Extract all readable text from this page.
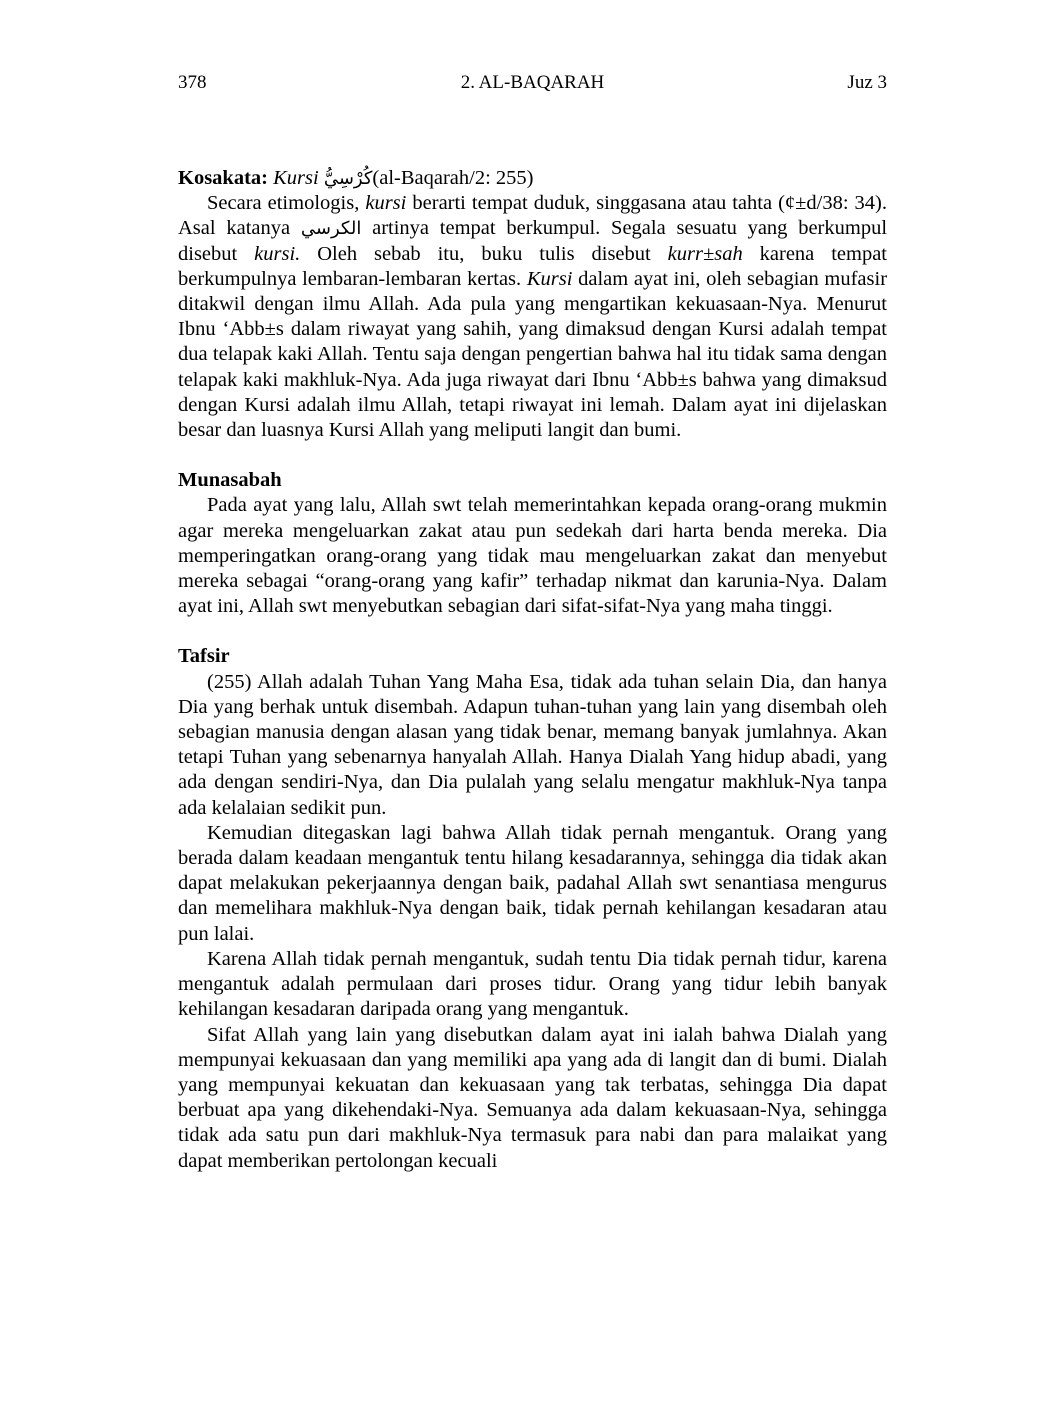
378	2. AL-BAQARAH	Juz 3
Kosakata: Kursi كُرْسِيُّ(al-Baqarah/2: 255)

Secara etimologis, kursi berarti tempat duduk, singgasana atau tahta (¢±d/38: 34). Asal katanya الكرسي artinya tempat berkumpul. Segala sesuatu yang berkumpul disebut kursi. Oleh sebab itu, buku tulis disebut kurr±sah karena tempat berkumpulnya lembaran-lembaran kertas. Kursi dalam ayat ini, oleh sebagian mufasir ditakwil dengan ilmu Allah. Ada pula yang mengartikan kekuasaan-Nya. Menurut Ibnu ‘Abb±s dalam riwayat yang sahih, yang dimaksud dengan Kursi adalah tempat dua telapak kaki Allah. Tentu saja dengan pengertian bahwa hal itu tidak sama dengan telapak kaki makhluk-Nya. Ada juga riwayat dari Ibnu ‘Abb±s bahwa yang dimaksud dengan Kursi adalah ilmu Allah, tetapi riwayat ini lemah. Dalam ayat ini dijelaskan besar dan luasnya Kursi Allah yang meliputi langit dan bumi.

Munasabah

Pada ayat yang lalu, Allah swt telah memerintahkan kepada orang-orang mukmin agar mereka mengeluarkan zakat atau pun sedekah dari harta benda mereka. Dia memperingatkan orang-orang yang tidak mau mengeluarkan zakat dan menyebut mereka sebagai “orang-orang yang kafir” terhadap nikmat dan karunia-Nya. Dalam ayat ini, Allah swt menyebutkan sebagian dari sifat-sifat-Nya yang maha tinggi.

Tafsir

(255) Allah adalah Tuhan Yang Maha Esa, tidak ada tuhan selain Dia, dan hanya Dia yang berhak untuk disembah. Adapun tuhan-tuhan yang lain yang disembah oleh sebagian manusia dengan alasan yang tidak benar, memang banyak jumlahnya. Akan tetapi Tuhan yang sebenarnya hanyalah Allah. Hanya Dialah Yang hidup abadi, yang ada dengan sendiri-Nya, dan Dia pulalah yang selalu mengatur makhluk-Nya tanpa ada kelalaian sedikit pun.

Kemudian ditegaskan lagi bahwa Allah tidak pernah mengantuk. Orang yang berada dalam keadaan mengantuk tentu hilang kesadarannya, sehingga dia tidak akan dapat melakukan pekerjaannya dengan baik, padahal Allah swt senantiasa mengurus dan memelihara makhluk-Nya dengan baik, tidak pernah kehilangan kesadaran atau pun lalai.

Karena Allah tidak pernah mengantuk, sudah tentu Dia tidak pernah tidur, karena mengantuk adalah permulaan dari proses tidur. Orang yang tidur lebih banyak kehilangan kesadaran daripada orang yang mengantuk.

Sifat Allah yang lain yang disebutkan dalam ayat ini ialah bahwa Dialah yang mempunyai kekuasaan dan yang memiliki apa yang ada di langit dan di bumi. Dialah yang mempunyai kekuatan dan kekuasaan yang tak terbatas, sehingga Dia dapat berbuat apa yang dikehendaki-Nya. Semuanya ada dalam kekuasaan-Nya, sehingga tidak ada satu pun dari makhluk-Nya termasuk para nabi dan para malaikat yang dapat memberikan pertolongan kecuali
